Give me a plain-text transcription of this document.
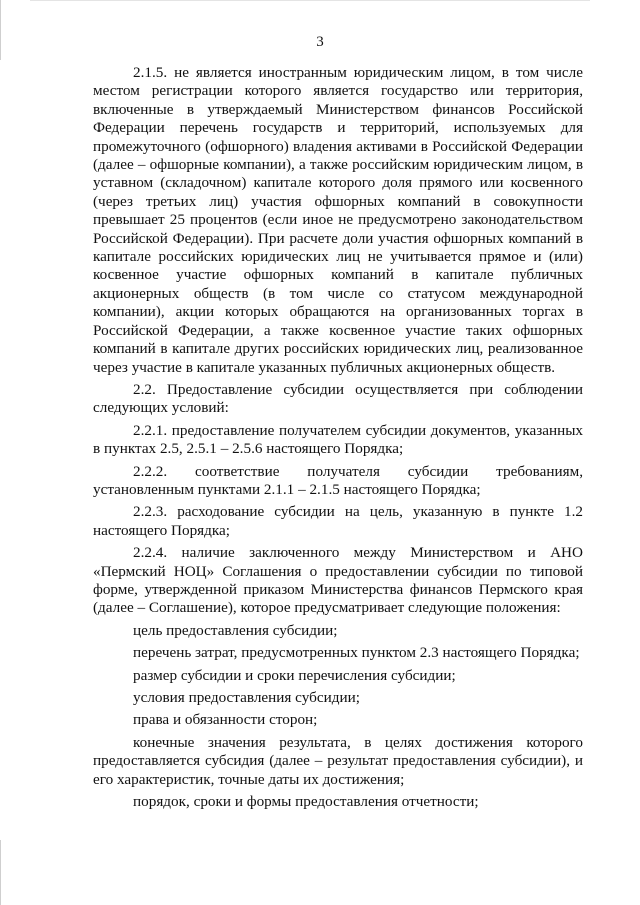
3

2.1.5. не является иностранным юридическим лицом, в том числе местом регистрации которого является государство или территория, включенные в утверждаемый Министерством финансов Российской Федерации перечень государств и территорий, используемых для промежуточного (офшорного) владения активами в Российской Федерации (далее – офшорные компании), а также российским юридическим лицом, в уставном (складочном) капитале которого доля прямого или косвенного (через третьих лиц) участия офшорных компаний в совокупности превышает 25 процентов (если иное не предусмотрено законодательством Российской Федерации). При расчете доли участия офшорных компаний в капитале российских юридических лиц не учитывается прямое и (или) косвенное участие офшорных компаний в капитале публичных акционерных обществ (в том числе со статусом международной компании), акции которых обращаются на организованных торгах в Российской Федерации, а также косвенное участие таких офшорных компаний в капитале других российских юридических лиц, реализованное через участие в капитале указанных публичных акционерных обществ.

2.2. Предоставление субсидии осуществляется при соблюдении следующих условий:

2.2.1. предоставление получателем субсидии документов, указанных в пунктах 2.5, 2.5.1 – 2.5.6 настоящего Порядка;

2.2.2. соответствие получателя субсидии требованиям, установленным пунктами 2.1.1 – 2.1.5 настоящего Порядка;

2.2.3. расходование субсидии на цель, указанную в пункте 1.2 настоящего Порядка;

2.2.4. наличие заключенного между Министерством и АНО «Пермский НОЦ» Соглашения о предоставлении субсидии по типовой форме, утвержденной приказом Министерства финансов Пермского края (далее – Соглашение), которое предусматривает следующие положения:

цель предоставления субсидии;

перечень затрат, предусмотренных пунктом 2.3 настоящего Порядка;

размер субсидии и сроки перечисления субсидии;

условия предоставления субсидии;

права и обязанности сторон;

конечные значения результата, в целях достижения которого предоставляется субсидия (далее – результат предоставления субсидии), и его характеристик, точные даты их достижения;

порядок, сроки и формы предоставления отчетности;
